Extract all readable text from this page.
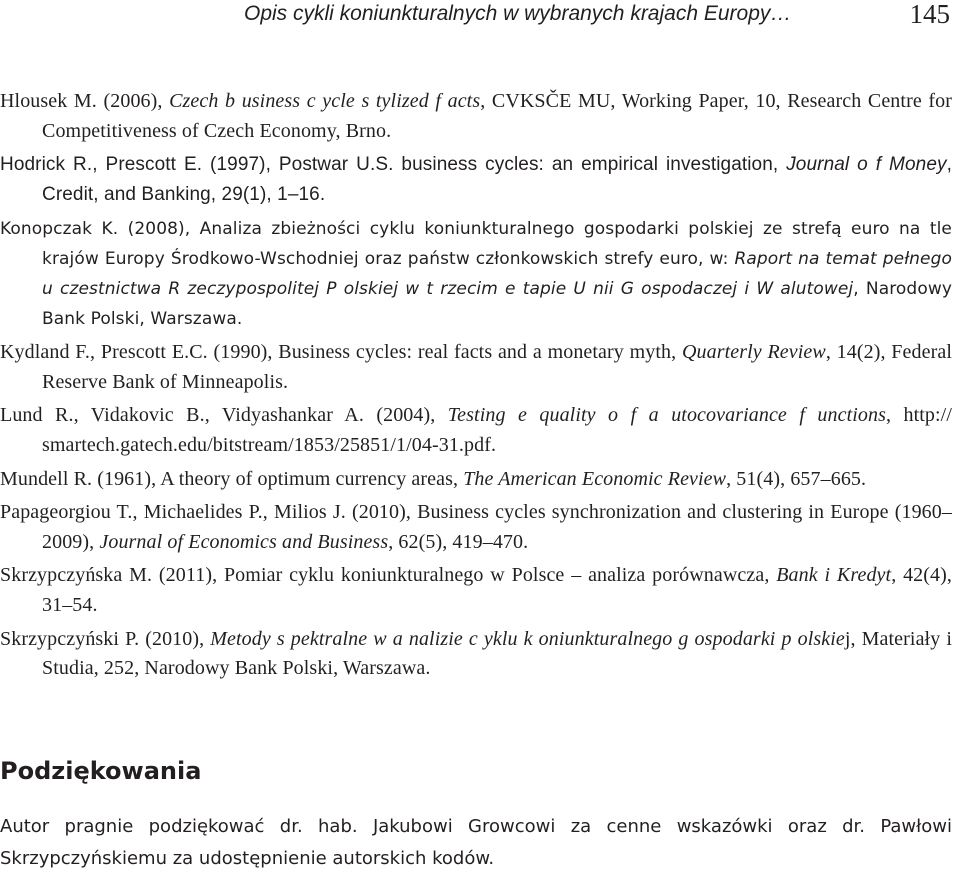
Opis cykli koniunkturalnych w wybranych krajach Europy…	145

Hlousek M. (2006), Czech b usiness c ycle s tylized f acts, CVKSČE MU, Working Paper, 10, Research Centre for Competitiveness of Czech Economy, Brno.

Hodrick R., Prescott E. (1997), Postwar U.S. business cycles: an empirical investigation, Journal o f Money, Credit, and Banking, 29(1), 1–16.

Konopczak K. (2008), Analiza zbieżności cyklu koniunkturalnego gospodarki polskiej ze strefą euro na tle krajów Europy Środkowo-Wschodniej oraz państw członkowskich strefy euro, w: Raport na temat pełnego u czestnictwa R zeczypospolitej P olskiej w t rzecim e tapie U nii G ospodaczej i W alutowej, Narodowy Bank Polski, Warszawa.

Kydland F., Prescott E.C. (1990), Business cycles: real facts and a monetary myth, Quarterly Review, 14(2), Federal Reserve Bank of Minneapolis.

Lund R., Vidakovic B., Vidyashankar A. (2004), Testing e quality o f a utocovariance f unctions, http:// smartech.gatech.edu/bitstream/1853/25851/1/04-31.pdf.

Mundell R. (1961), A theory of optimum currency areas, The American Economic Review, 51(4), 657–665.

Papageorgiou T., Michaelides P., Milios J. (2010), Business cycles synchronization and clustering in Europe (1960–2009), Journal of Economics and Business, 62(5), 419–470.

Skrzypczyńska M. (2011), Pomiar cyklu koniunkturalnego w Polsce – analiza porównawcza, Bank i Kredyt, 42(4), 31–54.

Skrzypczyński P. (2010), Metody s pektralne w a nalizie c yklu k oniunkturalnego g ospodarki p olskiej, Materiały i Studia, 252, Narodowy Bank Polski, Warszawa.

Podziękowania

Autor pragnie podziękować dr. hab. Jakubowi Growcowi za cenne wskazówki oraz dr. Pawłowi Skrzypczyńskiemu za udostępnienie autorskich kodów.
